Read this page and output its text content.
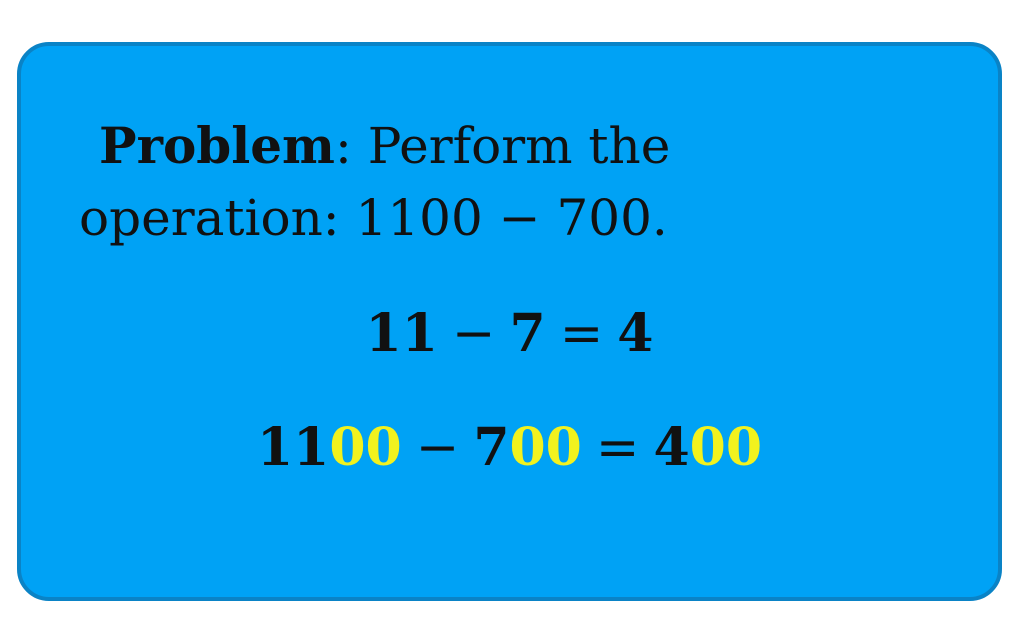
Problem: Perform the
operation: 1100 − 700.
11 − 7 = 4
1100 − 700 = 400
